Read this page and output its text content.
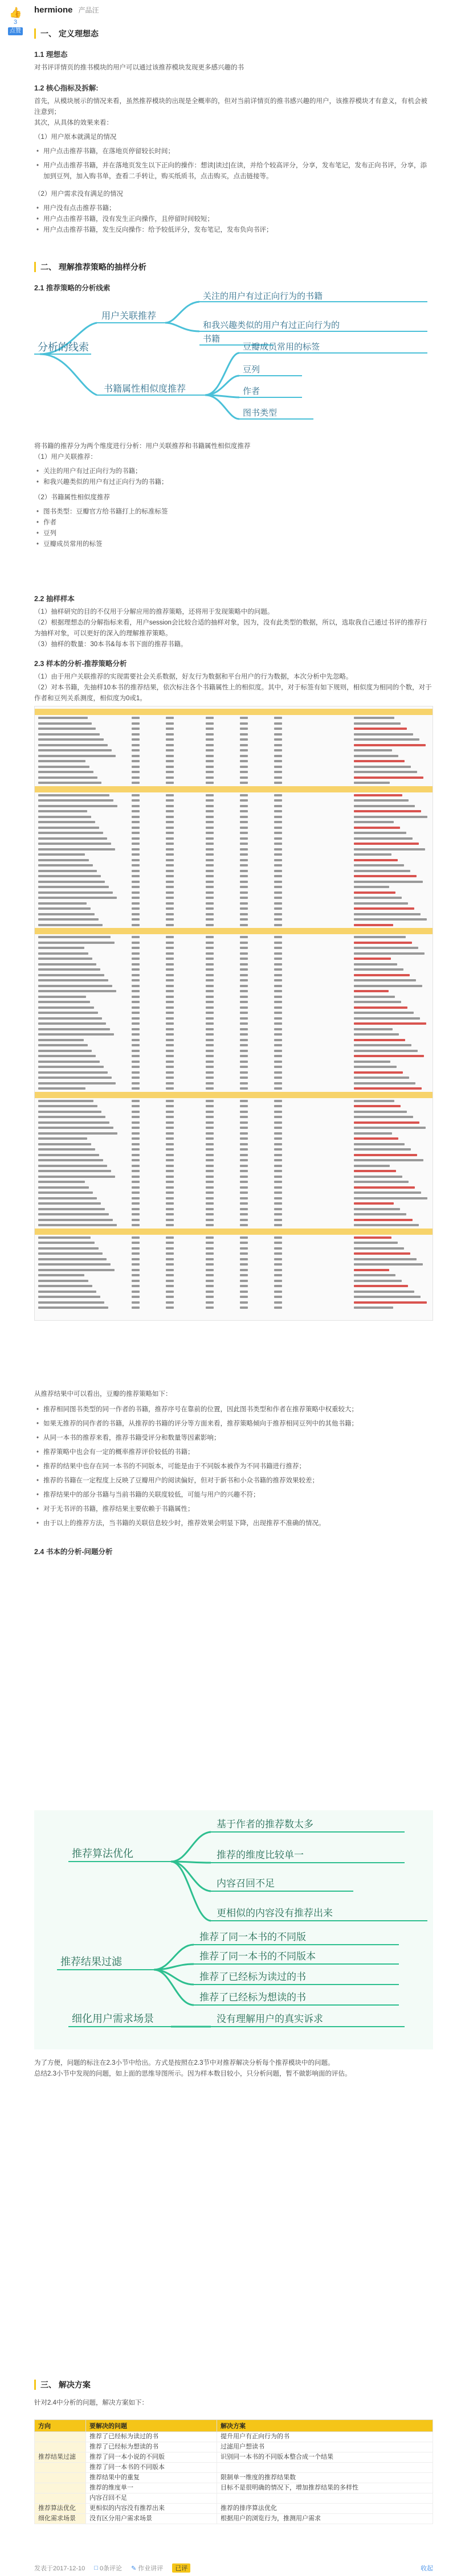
👍
3
点赞
hermione 产品汪
一、 定义理想态
1.1 理想态

对书评详情页的推书模块的用户可以通过该推荐模块发现更多感兴趣的书

1.2 核心指标及拆解:

首先，从模块展示的情况来看，虽然推荐模块的出现是全概率的，但对当前详情页的推书感兴趣的用户，该推荐模块才有意义，有机会被注意到；

其次，从具体的效果来看：

（1）用户原本就满足的情况

• 用户点击推荐书籍，在落地页停留较长时间；
• 用户点击推荐书籍，并在落地页发生以下正向的操作：想读|读过|在读，并给个较高评分，分享，发布笔记，发布正向书评，分享，添加到豆列，加入购书单，查看二手转让，购买纸质书，点击购买，点击链接等。

（2）用户需求没有满足的情况

• 用户没有点击推荐书籍；
• 用户点击推荐书籍，没有发生正向操作，且停留时间较短；
• 用户点击推荐书籍，发生反向操作：给予较低评分，发布笔记，发布负向书评；
二、 理解推荐策略的抽样分析
2.1 推荐策略的分析线索
分析的线索
用户关联推荐
书籍属性相似度推荐
关注的用户有过正向行为的书籍
和我兴趣类似的用户有过正向行为的
书籍
豆瓣成员常用的标签
豆列
作者
图书类型

将书籍的推荐分为两个维度进行分析：用户关联推荐和书籍属性相似度推荐

（1）用户关联推荐：

• 关注的用户有过正向行为的书籍；
• 和我兴趣类似的用户有过正向行为的书籍；

（2）书籍属性相似度推荐

• 图书类型：豆瓣官方给书籍打上的标准标签
• 作者
• 豆列
• 豆瓣成员常用的标签
2.2 抽样样本

（1）抽样研究的目的不仅用于分解应用的推荐策略，还将用于发现策略中的问题。

（2）根据理想态的分解指标来看，用户session会比较合适的抽样对象，因为，没有此类型的数据，所以，选取我自己通过书评的推荐行为抽样对象，可以更好的深入的理解推荐策略。

（3）抽样的数量：30本书&每本书下面的推荐书籍。

2.3 样本的分析-推荐策略分析

（1）由于用户关联推荐的实现需要社会关系数据，好友行为数据和平台用户的行为数据，本次分析中先忽略。

（2）对本书籍，先抽样10本书的推荐结果，依次标注各个书籍属性上的相似度。其中，对于标签有如下规则，相似度为相同的个数，对于作者和豆列关系测度，相似度为0或1。

从推荐结果中可以看出，豆瓣的推荐策略如下：

• 推荐相同图书类型的同一作者的书籍，推荐序号在靠前的位置，因此图书类型和作者在推荐策略中权重较大；
• 如果无推荐的同作者的书籍，从推荐的书籍的评分等方面来看，推荐策略倾向于推荐相同豆列中的其他书籍；
• 从同一本书的推荐来看，推荐书籍受评分和数量等因素影响；
• 推荐策略中也会有一定的概率推荐评价较低的书籍；
• 推荐的结果中也存在同一本书的不同版本，可能是由于不同版本被作为不同书籍进行推荐；
• 推荐的书籍在一定程度上反映了豆瓣用户的阅读偏好，但对于新书和小众书籍的推荐效果较差；
• 推荐结果中的部分书籍与当前书籍的关联度较低，可能与用户的兴趣不符；
• 对于无书评的书籍，推荐结果主要依赖于书籍属性；
• 由于以上的推荐方法，当书籍的关联信息较少时，推荐效果会明显下降，出现推荐不准确的情况。
2.4 书本的分析-问题分析
推荐算法优化
基于作者的推荐数太多
推荐的维度比较单一
内容召回不足
更相似的内容没有推荐出来
推荐结果过滤
推荐了同一本书的不同版
推荐了同一本书的不同版本
推荐了已经标为读过的书
推荐了已经标为想读的书
细化用户需求场景	没有理解用户的真实诉求

为了方便，问题的标注在2.3小节中给出。方式是按照在2.3节中对推荐解决分析每个推荐模块中的问题。

总结2.3小节中发现的问题，如上面的思维导图所示。因为样本数目较小，只分析问题，暂不做影响面的评估。

三、 解决方案

针对2.4中分析的问题，解决方案如下：

方向	要解决的问题	解决方案
	推荐了已经标为读过的书	提升用户有正向行为的书
	推荐了已经标为想读的书	过滤用户想读书
推荐结果过滤	推荐了同一本小说的不同版	识别同一本书的不同版本整合成一个结果
	推荐了同一本书的不同版本	
	推荐结果中的重复	限制单一维度的推荐结果数
	推荐的维度单一	目标不是很明确的情况下，增加推荐结果的多样性
	内容召回不足	
推荐算法优化	更相似的内容没有推荐出来	推荐的排序算法优化
细化需求场景	没有区分用户需求场景	根据用户的浏览行为，推测用户需求
发表于2017-12-10 □ 0条评论 ✎ 作业讲评	已评	收起
